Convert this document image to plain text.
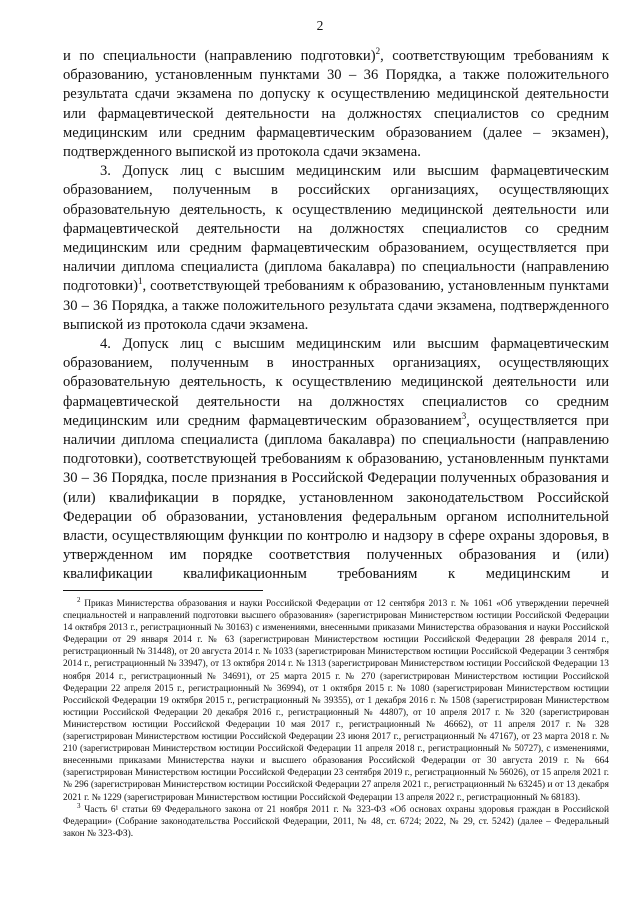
2

и по специальности (направлению подготовки)$^2$, соответствующим требованиям к образованию, установленным пунктами 30 – 36 Порядка, а также положительного результата сдачи экзамена по допуску к осуществлению медицинской деятельности или фармацевтической деятельности на должностях специалистов со средним медицинским или средним фармацевтическим образованием (далее – экзамен), подтвержденного выпиской из протокола сдачи экзамена.

3. Допуск лиц с высшим медицинским или высшим фармацевтическим образованием, полученным в российских организациях, осуществляющих образовательную деятельность, к осуществлению медицинской деятельности или фармацевтической деятельности на должностях специалистов со средним медицинским или средним фармацевтическим образованием, осуществляется при наличии диплома специалиста (диплома бакалавра) по специальности (направлению подготовки)$^1$, соответствующей требованиям к образованию, установленным пунктами 30 – 36 Порядка, а также положительного результата сдачи экзамена, подтвержденного выпиской из протокола сдачи экзамена.

4. Допуск лиц с высшим медицинским или высшим фармацевтическим образованием, полученным в иностранных организациях, осуществляющих образовательную деятельность, к осуществлению медицинской деятельности или фармацевтической деятельности на должностях специалистов со средним медицинским или средним фармацевтическим образованием$^3$, осуществляется при наличии диплома специалиста (диплома бакалавра) по специальности (направлению подготовки), соответствующей требованиям к образованию, установленным пунктами 30 – 36 Порядка, после признания в Российской Федерации полученных образования и (или) квалификации в порядке, установленном законодательством Российской Федерации об образовании, установления федеральным органом исполнительной власти, осуществляющим функции по контролю и надзору в сфере охраны здоровья, в утвержденном им порядке соответствия полученных образования и (или) квалификации квалификационным требованиям к медицинским и

$^2$ Приказ Министерства образования и науки Российской Федерации от 12 сентября 2013 г. № 1061 «Об утверждении перечней специальностей и направлений подготовки высшего образования» (зарегистрирован Министерством юстиции Российской Федерации 14 октября 2013 г., регистрационный № 30163) с изменениями, внесенными приказами Министерства образования и науки Российской Федерации от 29 января 2014 г. № 63 (зарегистрирован Министерством юстиции Российской Федерации 28 февраля 2014 г., регистрационный № 31448), от 20 августа 2014 г. № 1033 (зарегистрирован Министерством юстиции Российской Федерации 3 сентября 2014 г., регистрационный № 33947), от 13 октября 2014 г. № 1313 (зарегистрирован Министерством юстиции Российской Федерации 13 ноября 2014 г., регистрационный № 34691), от 25 марта 2015 г. № 270 (зарегистрирован Министерством юстиции Российской Федерации 22 апреля 2015 г., регистрационный № 36994), от 1 октября 2015 г. № 1080 (зарегистрирован Министерством юстиции Российской Федерации 19 октября 2015 г., регистрационный № 39355), от 1 декабря 2016 г. № 1508 (зарегистрирован Министерством юстиции Российской Федерации 20 декабря 2016 г., регистрационный № 44807), от 10 апреля 2017 г. № 320 (зарегистрирован Министерством юстиции Российской Федерации 10 мая 2017 г., регистрационный № 46662), от 11 апреля 2017 г. № 328 (зарегистрирован Министерством юстиции Российской Федерации 23 июня 2017 г., регистрационный № 47167), от 23 марта 2018 г. № 210 (зарегистрирован Министерством юстиции Российской Федерации 11 апреля 2018 г., регистрационный № 50727), с изменениями, внесенными приказами Министерства науки и высшего образования Российской Федерации от 30 августа 2019 г. № 664 (зарегистрирован Министерством юстиции Российской Федерации 23 сентября 2019 г., регистрационный № 56026), от 15 апреля 2021 г. № 296 (зарегистрирован Министерством юстиции Российской Федерации 27 апреля 2021 г., регистрационный № 63245) и от 13 декабря 2021 г. № 1229 (зарегистрирован Министерством юстиции Российской Федерации 13 апреля 2022 г., регистрационный № 68183).

$^3$ Часть 6¹ статьи 69 Федерального закона от 21 ноября 2011 г. № 323-ФЗ «Об основах охраны здоровья граждан в Российской Федерации» (Собрание законодательства Российской Федерации, 2011, № 48, ст. 6724; 2022, № 29, ст. 5242) (далее – Федеральный закон № 323-ФЗ).
